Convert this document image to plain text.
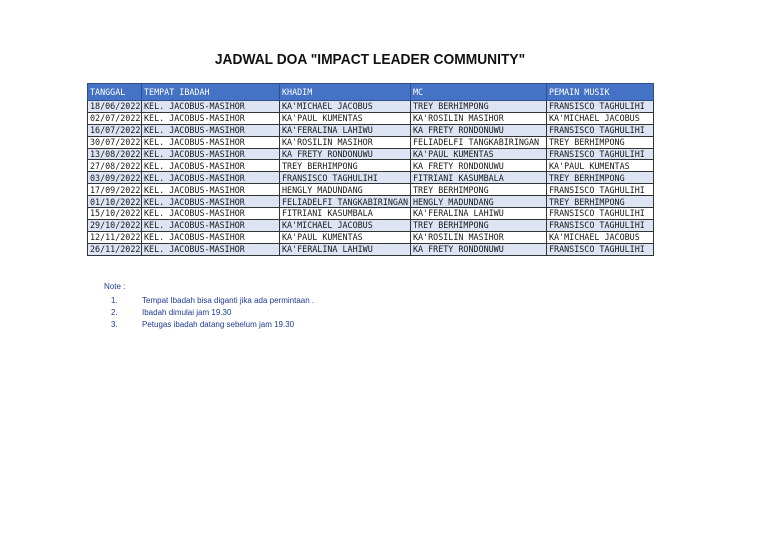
JADWAL DOA "IMPACT LEADER COMMUNITY"
TANGGAL	TEMPAT IBADAH	KHADIM	MC	PEMAIN MUSIK
18/06/2022	KEL. JACOBUS-MASIHOR	KA'MICHAEL JACOBUS	TREY BERHIMPONG	FRANSISCO TAGHULIHI
02/07/2022	KEL. JACOBUS-MASIHOR	KA'PAUL KUMENTAS	KA'ROSILIN MASIHOR	KA'MICHAEL JACOBUS
16/07/2022	KEL. JACOBUS-MASIHOR	KA'FERALINA LAHIWU	KA FRETY RONDONUWU	FRANSISCO TAGHULIHI
30/07/2022	KEL. JACOBUS-MASIHOR	KA'ROSILIN MASIHOR	FELIADELFI TANGKABIRINGAN	TREY BERHIMPONG
13/08/2022	KEL. JACOBUS-MASIHOR	KA FRETY RONDONUWU	KA'PAUL KUMENTAS	FRANSISCO TAGHULIHI
27/08/2022	KEL. JACOBUS-MASIHOR	TREY BERHIMPONG	KA FRETY RONDONUWU	KA'PAUL KUMENTAS
03/09/2022	KEL. JACOBUS-MASIHOR	FRANSISCO TAGHULIHI	FITRIANI KASUMBALA	TREY BERHIMPONG
17/09/2022	KEL. JACOBUS-MASIHOR	HENGLY MADUNDANG	TREY BERHIMPONG	FRANSISCO TAGHULIHI
01/10/2022	KEL. JACOBUS-MASIHOR	FELIADELFI TANGKABIRINGAN	HENGLY MADUNDANG	TREY BERHIMPONG
15/10/2022	KEL. JACOBUS-MASIHOR	FITRIANI KASUMBALA	KA'FERALINA LAHIWU	FRANSISCO TAGHULIHI
29/10/2022	KEL. JACOBUS-MASIHOR	KA'MICHAEL JACOBUS	TREY BERHIMPONG	FRANSISCO TAGHULIHI
12/11/2022	KEL. JACOBUS-MASIHOR	KA'PAUL KUMENTAS	KA'ROSILIN MASIHOR	KA'MICHAEL JACOBUS
26/11/2022	KEL. JACOBUS-MASIHOR	KA'FERALINA LAHIWU	KA FRETY RONDONUWU	FRANSISCO TAGHULIHI
Note :
1.	Tempat Ibadah bisa diganti jika ada permintaan .
2.	Ibadah dimulai jam 19.30
3.	Petugas ibadah datang sebelum jam 19.30
